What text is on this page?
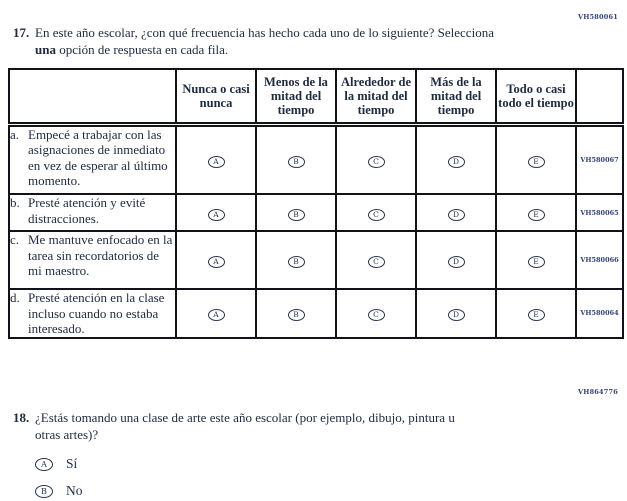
VH580061
17. En este año escolar, ¿con qué frecuencia has hecho cada uno de lo siguiente? Selecciona
una opción de respuesta en cada fila.
	Nunca o casi nunca	Menos de la mitad del tiempo	Alrededor de la mitad del tiempo	Más de la mitad del tiempo	Todo o casi todo el tiempo	

a. Empecé a trabajar con las asignaciones de inmediato en vez de esperar al último momento.	A	B	C	D	E	VH580067

b. Presté atención y evité distracciones.	A	B	C	D	E	VH580065

c. Me mantuve enfocado en la tarea sin recordatorios de mi maestro.	A	B	C	D	E	VH580066

d. Presté atención en la clase incluso cuando no estaba interesado.	A	B	C	D	E	VH580064
VH864776
18. ¿Estás tomando una clase de arte este año escolar (por ejemplo, dibujo, pintura u
otras artes)?
A	Sí
B	No
